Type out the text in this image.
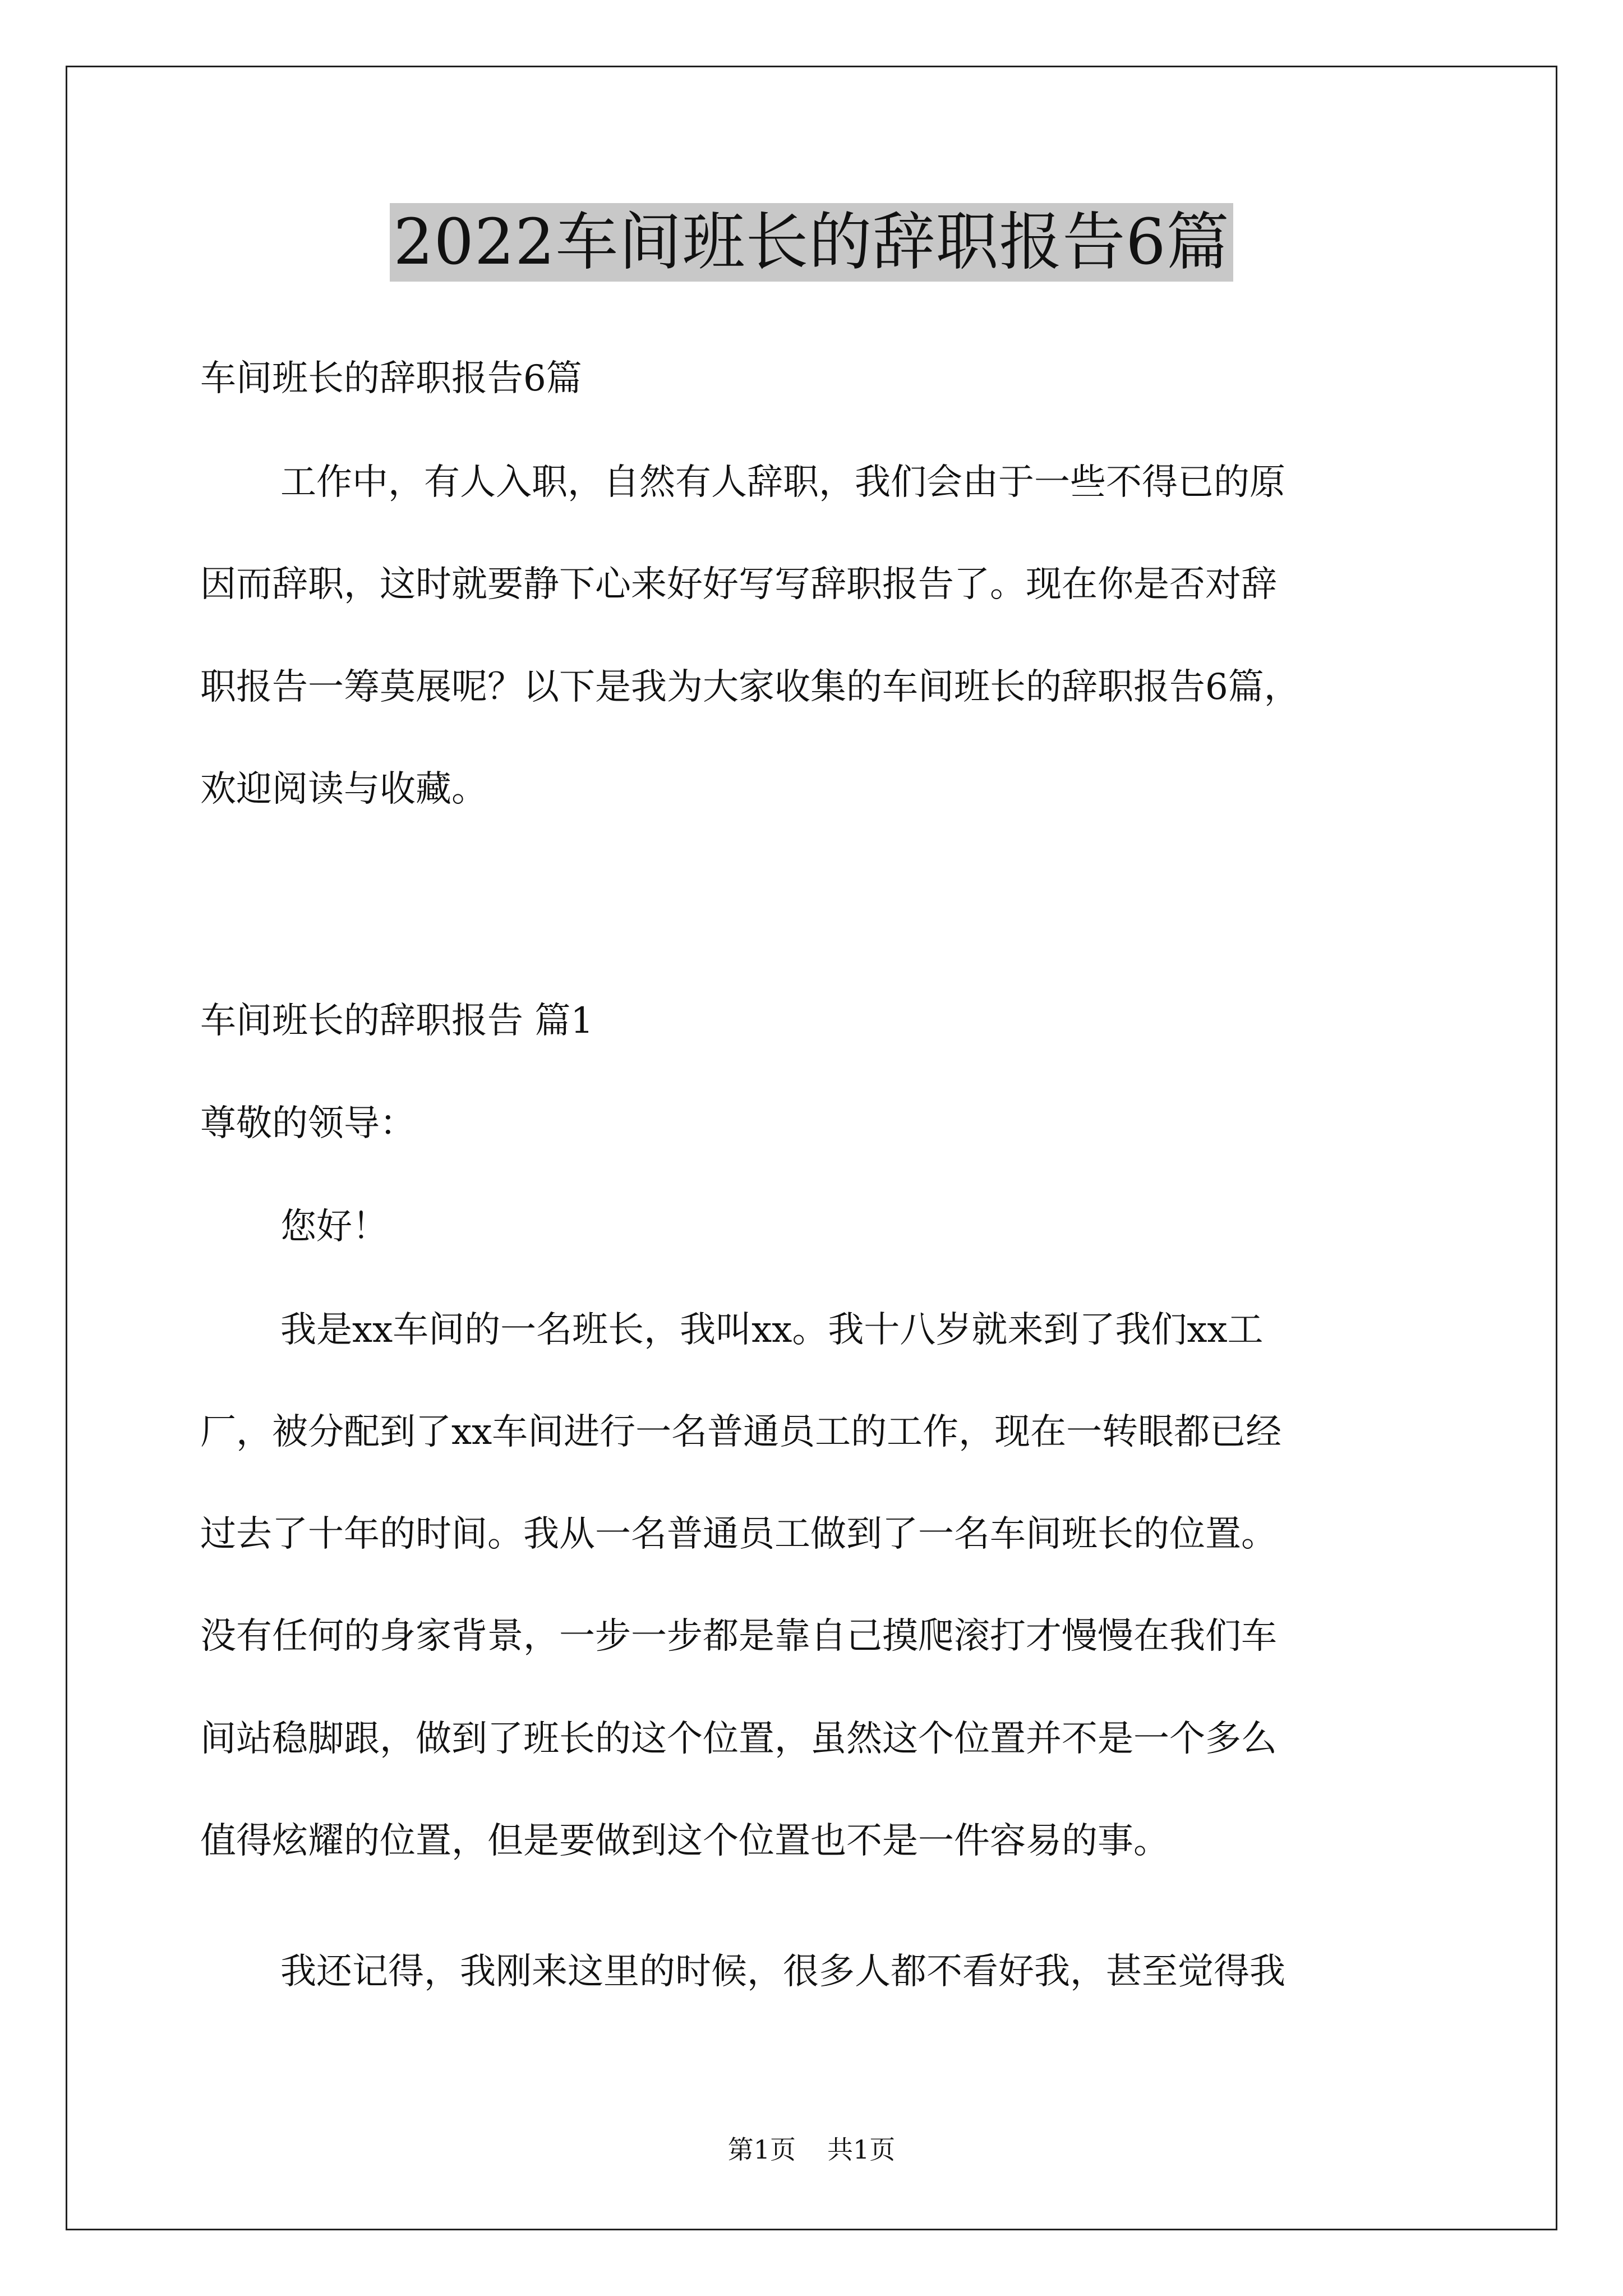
2022车间班长的辞职报告6篇
车间班长的辞职报告6篇
工作中，有人入职，自然有人辞职，我们会由于一些不得已的原
因而辞职，这时就要静下心来好好写写辞职报告了。现在你是否对辞
职报告一筹莫展呢？以下是我为大家收集的车间班长的辞职报告6篇，
欢迎阅读与收藏。
车间班长的辞职报告 篇1
尊敬的领导：
您好！
我是xx车间的一名班长，我叫xx。我十八岁就来到了我们xx工
厂，被分配到了xx车间进行一名普通员工的工作，现在一转眼都已经
过去了十年的时间。我从一名普通员工做到了一名车间班长的位置。
没有任何的身家背景，一步一步都是靠自己摸爬滚打才慢慢在我们车
间站稳脚跟，做到了班长的这个位置，虽然这个位置并不是一个多么
值得炫耀的位置，但是要做到这个位置也不是一件容易的事。
我还记得，我刚来这里的时候，很多人都不看好我，甚至觉得我
第1页 共1页
